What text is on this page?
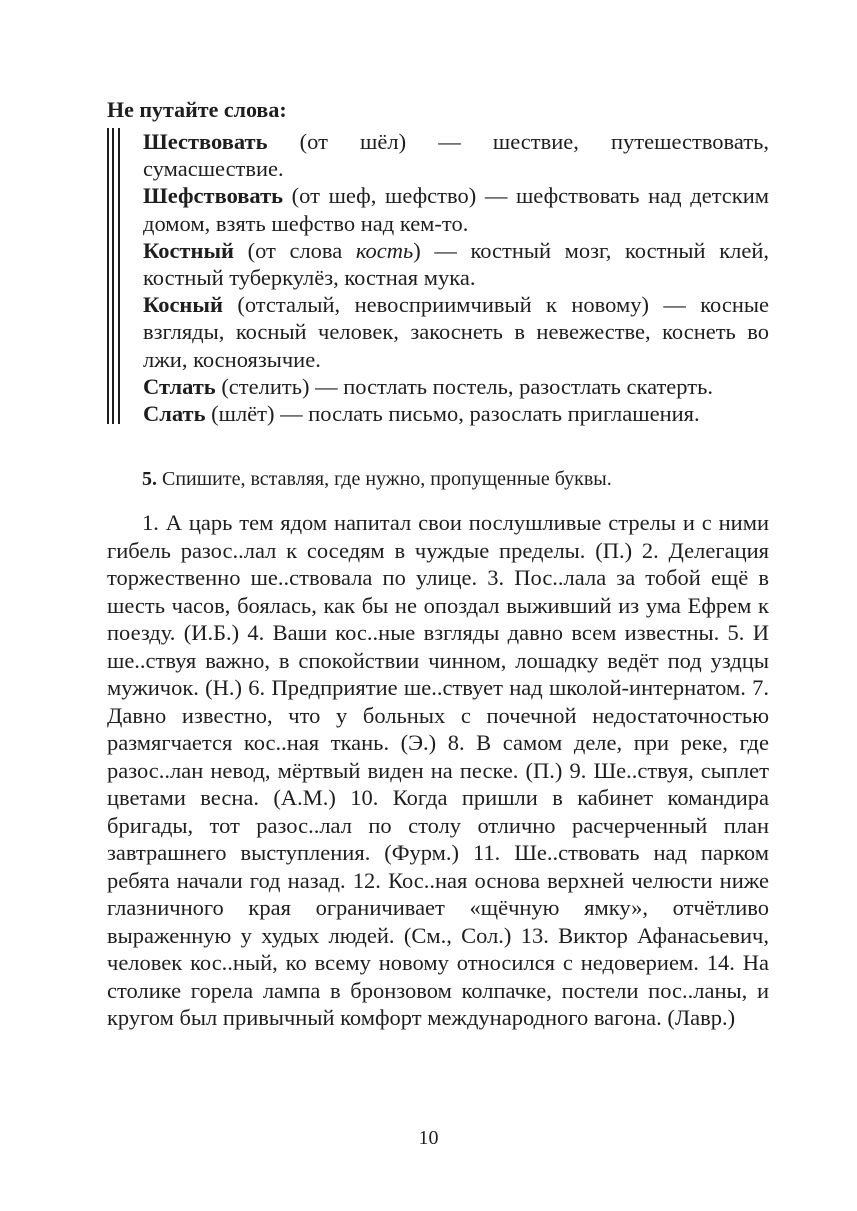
Не путайте слова:

Шествовать (от шёл) — шествие, путешествовать, сумасшествие.

Шефствовать (от шеф, шефство) — шефствовать над детским домом, взять шефство над кем-то.

Костный (от слова кость) — костный мозг, костный клей, костный туберкулёз, костная мука.

Косный (отсталый, невосприимчивый к новому) — косные взгляды, косный человек, закоснеть в невежестве, коснеть во лжи, косноязычие.

Стлать (стелить) — постлать постель, разостлать скатерть.

Слать (шлёт) — послать письмо, разослать приглашения.

5. Спишите, вставляя, где нужно, пропущенные буквы.

1. А царь тем ядом напитал свои послушливые стрелы и с ними гибель разос..лал к соседям в чуждые пределы. (П.) 2. Делегация торжественно ше..ствовала по улице. 3. Пос..лала за тобой ещё в шесть часов, боялась, как бы не опоздал выживший из ума Ефрем к поезду. (И.Б.) 4. Ваши кос..ные взгляды давно всем известны. 5. И ше..ствуя важно, в спокойствии чинном, лошадку ведёт под уздцы мужичок. (Н.) 6. Предприятие ше..ствует над школой-интернатом. 7. Давно известно, что у больных с почечной недостаточностью размягчается кос..ная ткань. (Э.) 8. В самом деле, при реке, где разос..лан невод, мёртвый виден на песке. (П.) 9. Ше..ствуя, сыплет цветами весна. (А.М.) 10. Когда пришли в кабинет командира бригады, тот разос..лал по столу отлично расчерченный план завтрашнего выступления. (Фурм.) 11. Ше..ствовать над парком ребята начали год назад. 12. Кос..ная основа верхней челюсти ниже глазничного края ограничивает «щёчную ямку», отчётливо выраженную у худых людей. (См., Сол.) 13. Виктор Афанасьевич, человек кос..ный, ко всему новому относился с недоверием. 14. На столике горела лампа в бронзовом колпачке, постели пос..ланы, и кругом был привычный комфорт международного вагона. (Лавр.)

10
